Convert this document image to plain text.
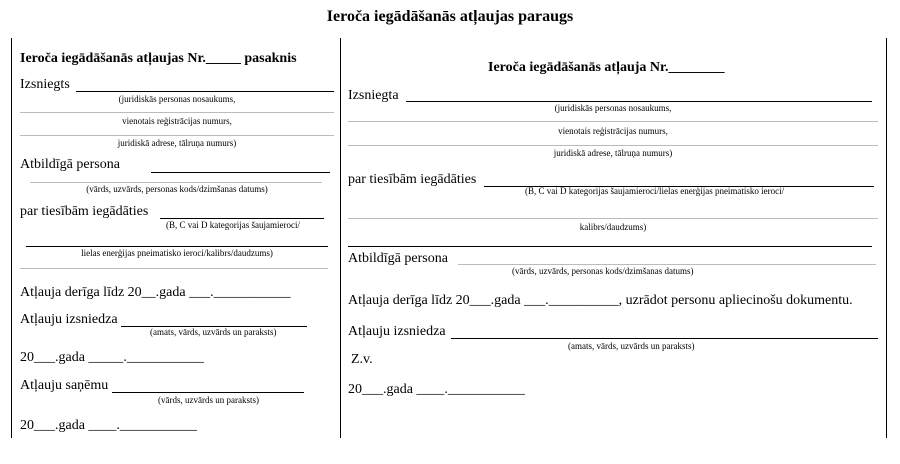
Ieroča iegādāšanās atļaujas paraugs
Ieroča iegādāšanās atļaujas Nr._____ pasaknis
Izsniegts
(juridiskās personas nosaukums,
vienotais reģistrācijas numurs,
juridiskā adrese, tālruņa numurs)
Atbildīgā persona
(vārds, uzvārds, personas kods/dzimšanas datums)
par tiesībām iegādāties
(B, C vai D kategorijas šaujamieroci/
lielas enerģijas pneimatisko ieroci/kalibrs/daudzums)
Atļauja derīga līdz 20__.gada ___.___________
Atļauju izsniedza
(amats, vārds, uzvārds un paraksts)
20___.gada _____.___________
Atļauju saņēmu
(vārds, uzvārds un paraksts)
20___.gada ____.___________
Ieroča iegādāšanās atļauja Nr.________
Izsniegta
(juridiskās personas nosaukums,
vienotais reģistrācijas numurs,
juridiskā adrese, tālruņa numurs)
par tiesībām iegādāties
(B, C vai D kategorijas šaujamieroci/lielas enerģijas pneimatisko ieroci/
kalibrs/daudzums)
Atbildīgā persona
(vārds, uzvārds, personas kods/dzimšanas datums)
Atļauja derīga līdz 20___.gada ___.__________, uzrādot personu apliecinošu dokumentu.
Atļauju izsniedza
(amats, vārds, uzvārds un paraksts)
Z.v.
20___.gada ____.___________
